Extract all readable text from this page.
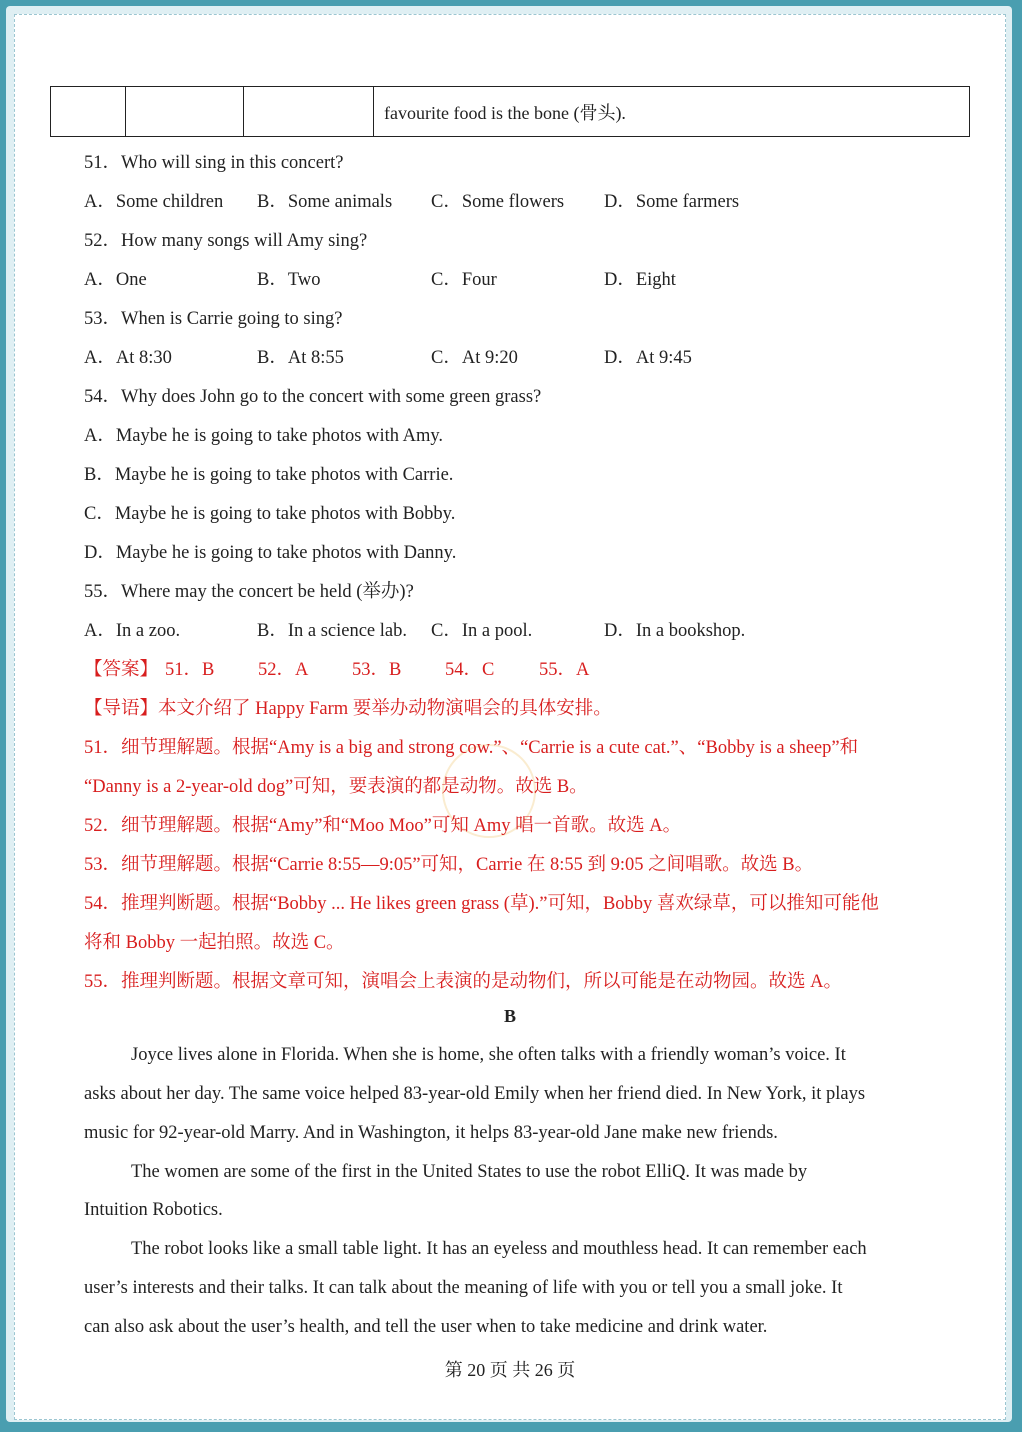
favourite food is the bone (骨头).
51．Who will sing in this concert?
A．Some children B．Some animals C．Some flowers D．Some farmers
52．How many songs will Amy sing?
A．One	B．Two	C．Four	D．Eight
53．When is Carrie going to sing?
A．At 8:30	B．At 8:55	C．At 9:20	D．At 9:45
54．Why does John go to the concert with some green grass?
A．Maybe he is going to take photos with Amy.
B．Maybe he is going to take photos with Carrie.
C．Maybe he is going to take photos with Bobby.
D．Maybe he is going to take photos with Danny.
55．Where may the concert be held (举办)?
A．In a zoo.	B．In a science lab. C．In a pool.	D．In a bookshop.
【答案】 51．B 52．A 53．B 54．C 55．A
【导语】本文介绍了 Happy Farm 要举办动物演唱会的具体安排。
51．细节理解题。根据“Amy is a big and strong cow.”、“Carrie is a cute cat.”、“Bobby is a sheep”和
“Danny is a 2-year-old dog”可知，要表演的都是动物。故选 B。
52．细节理解题。根据“Amy”和“Moo Moo”可知 Amy 唱一首歌。故选 A。
53．细节理解题。根据“Carrie 8:55—9:05”可知，Carrie 在 8:55 到 9:05 之间唱歌。故选 B。
54．推理判断题。根据“Bobby ... He likes green grass (草).”可知，Bobby 喜欢绿草，可以推知可能他
将和 Bobby 一起拍照。故选 C。
55．推理判断题。根据文章可知，演唱会上表演的是动物们，所以可能是在动物园。故选 A。
B
Joyce lives alone in Florida. When she is home, she often talks with a friendly woman’s voice. It
asks about her day. The same voice helped 83-year-old Emily when her friend died. In New York, it plays
music for 92-year-old Marry. And in Washington, it helps 83-year-old Jane make new friends.
The women are some of the first in the United States to use the robot ElliQ. It was made by
Intuition Robotics.
The robot looks like a small table light. It has an eyeless and mouthless head. It can remember each
user’s interests and their talks. It can talk about the meaning of life with you or tell you a small joke. It
can also ask about the user’s health, and tell the user when to take medicine and drink water.
第 20 页 共 26 页
